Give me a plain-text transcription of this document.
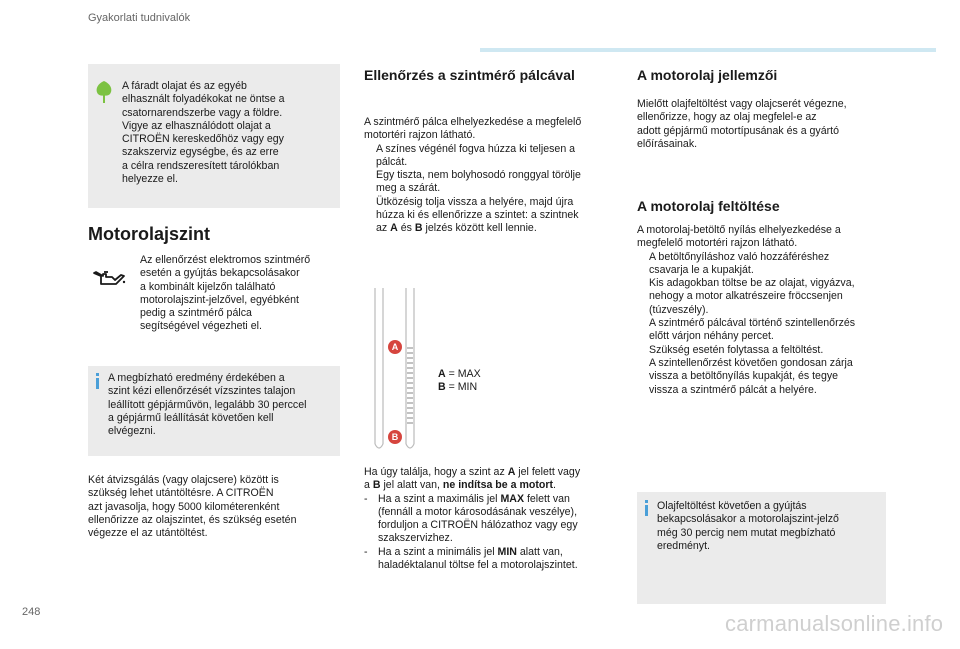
Gyakorlati tudnivalók

A fáradt olajat és az egyéb

elhasznált folyadékokat ne öntse a

csatornarendszerbe vagy a földre.

Vigye az elhasználódott olajat a

CITROËN kereskedőhöz vagy egy

szakszerviz egységbe, és az erre

a célra rendszeresített tárolókban

helyezze el.

Motorolajszint

Az ellenőrzést elektromos szintmérő

esetén a gyújtás bekapcsolásakor

a kombinált kijelzőn található

motorolajszint-jelzővel, egyébként

pedig a szintmérő pálca

segítségével végezheti el.

A megbízható eredmény érdekében a

szint kézi ellenőrzését vízszintes talajon

leállított gépjárművön, legalább 30 perccel

a gépjármű leállítását követően kell

elvégezni.

Két átvizsgálás (vagy olajcsere) között is

szükség lehet utántöltésre. A CITROËN

azt javasolja, hogy 5000 kilométerenként

ellenőrizze az olajszintet, és szükség esetén

végezze el az utántöltést.

Ellenőrzés a szintmérő pálcával

A szintmérő pálca elhelyezkedése a megfelelő

motortéri rajzon látható.

A színes végénél fogva húzza ki teljesen a

pálcát.

Egy tiszta, nem bolyhosodó ronggyal törölje

meg a szárát.

Ütközésig tolja vissza a helyére, majd újra

húzza ki és ellenőrizze a szintet: a szintnek

az A és B jelzés között kell lennie.

A
B
A = MAX
B = MIN

Ha úgy találja, hogy a szint az A jel felett vagy

a B jel alatt van, ne indítsa be a motort.

- Ha a szint a maximális jel MAX felett van

(fennáll a motor károsodásának veszélye),

forduljon a CITROËN hálózathoz vagy egy

szakszervizhez.

- Ha a szint a minimális jel MIN alatt van,

haladéktalanul töltse fel a motorolajszintet.

A motorolaj jellemzői

Mielőtt olajfeltöltést vagy olajcserét végezne,

ellenőrizze, hogy az olaj megfelel-e az

adott gépjármű motortípusának és a gyártó

előírásainak.

A motorolaj feltöltése

A motorolaj-betöltő nyílás elhelyezkedése a

megfelelő motortéri rajzon látható.

A betöltőnyíláshoz való hozzáféréshez

csavarja le a kupakját.

Kis adagokban töltse be az olajat, vigyázva,

nehogy a motor alkatrészeire fröccsenjen

(túzveszély).

A szintmérő pálcával történő szintellenőrzés

előtt várjon néhány percet.

Szükség esetén folytassa a feltöltést.

A szintellenőrzést követően gondosan zárja

vissza a betöltőnyílás kupakját, és tegye

vissza a szintmérő pálcát a helyére.

Olajfeltöltést követően a gyújtás

bekapcsolásakor a motorolajszint-jelző

még 30 percig nem mutat megbízható

eredményt.

248	carmanualsonline.info
